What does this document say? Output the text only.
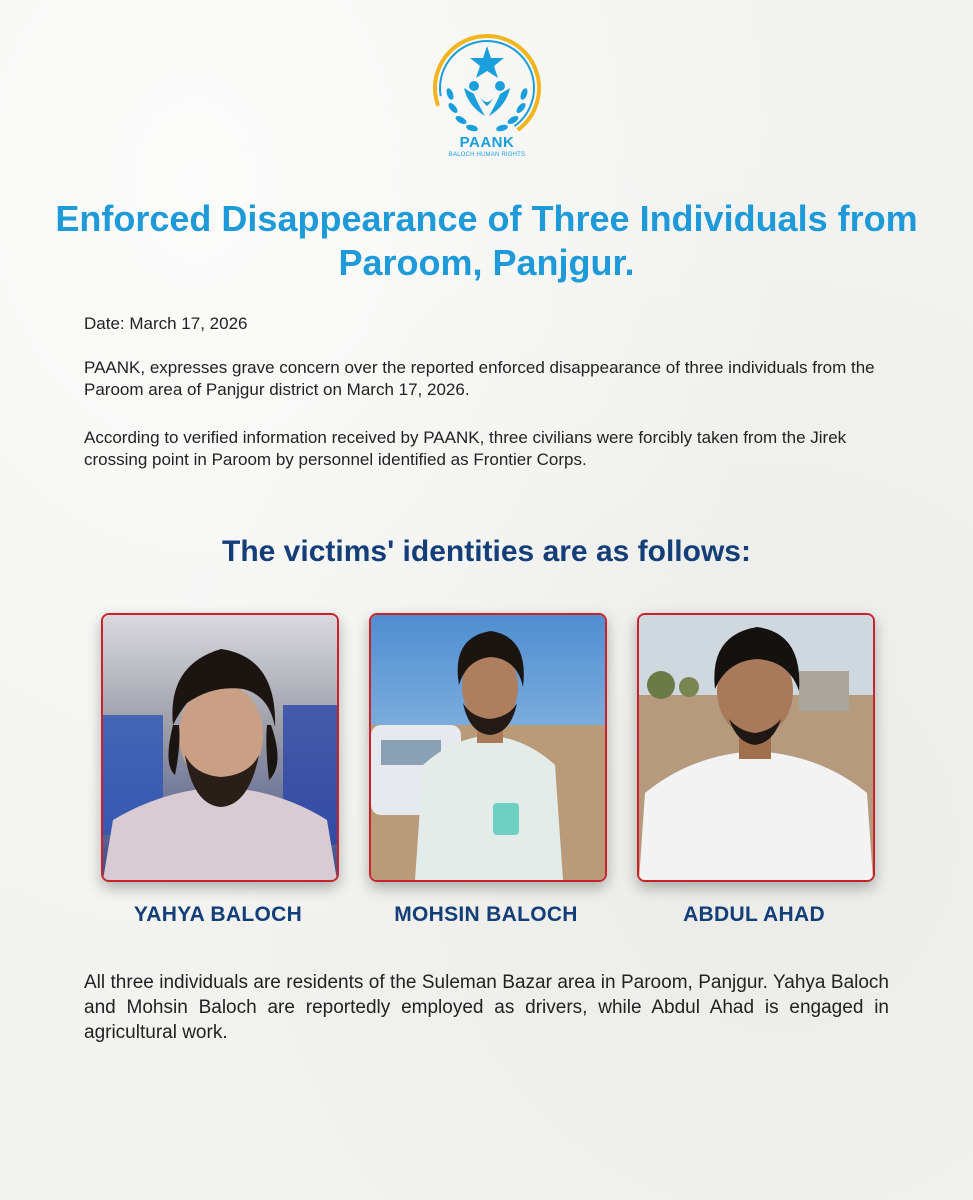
PAANK
BALOCH HUMAN RIGHTS
Enforced Disappearance of Three Individuals from Paroom, Panjgur.
Date: March 17, 2026
PAANK, expresses grave concern over the reported enforced disappearance of three individuals from the Paroom area of Panjgur district on March 17, 2026.
According to verified information received by PAANK, three civilians were forcibly taken from the Jirek crossing point in Paroom by personnel identified as Frontier Corps.
The victims' identities are as follows:
YAHYA BALOCH	MOHSIN BALOCH	ABDUL AHAD
All three individuals are residents of the Suleman Bazar area in Paroom, Panjgur. Yahya Baloch and Mohsin Baloch are reportedly employed as drivers, while Abdul Ahad is engaged in agricultural work.
